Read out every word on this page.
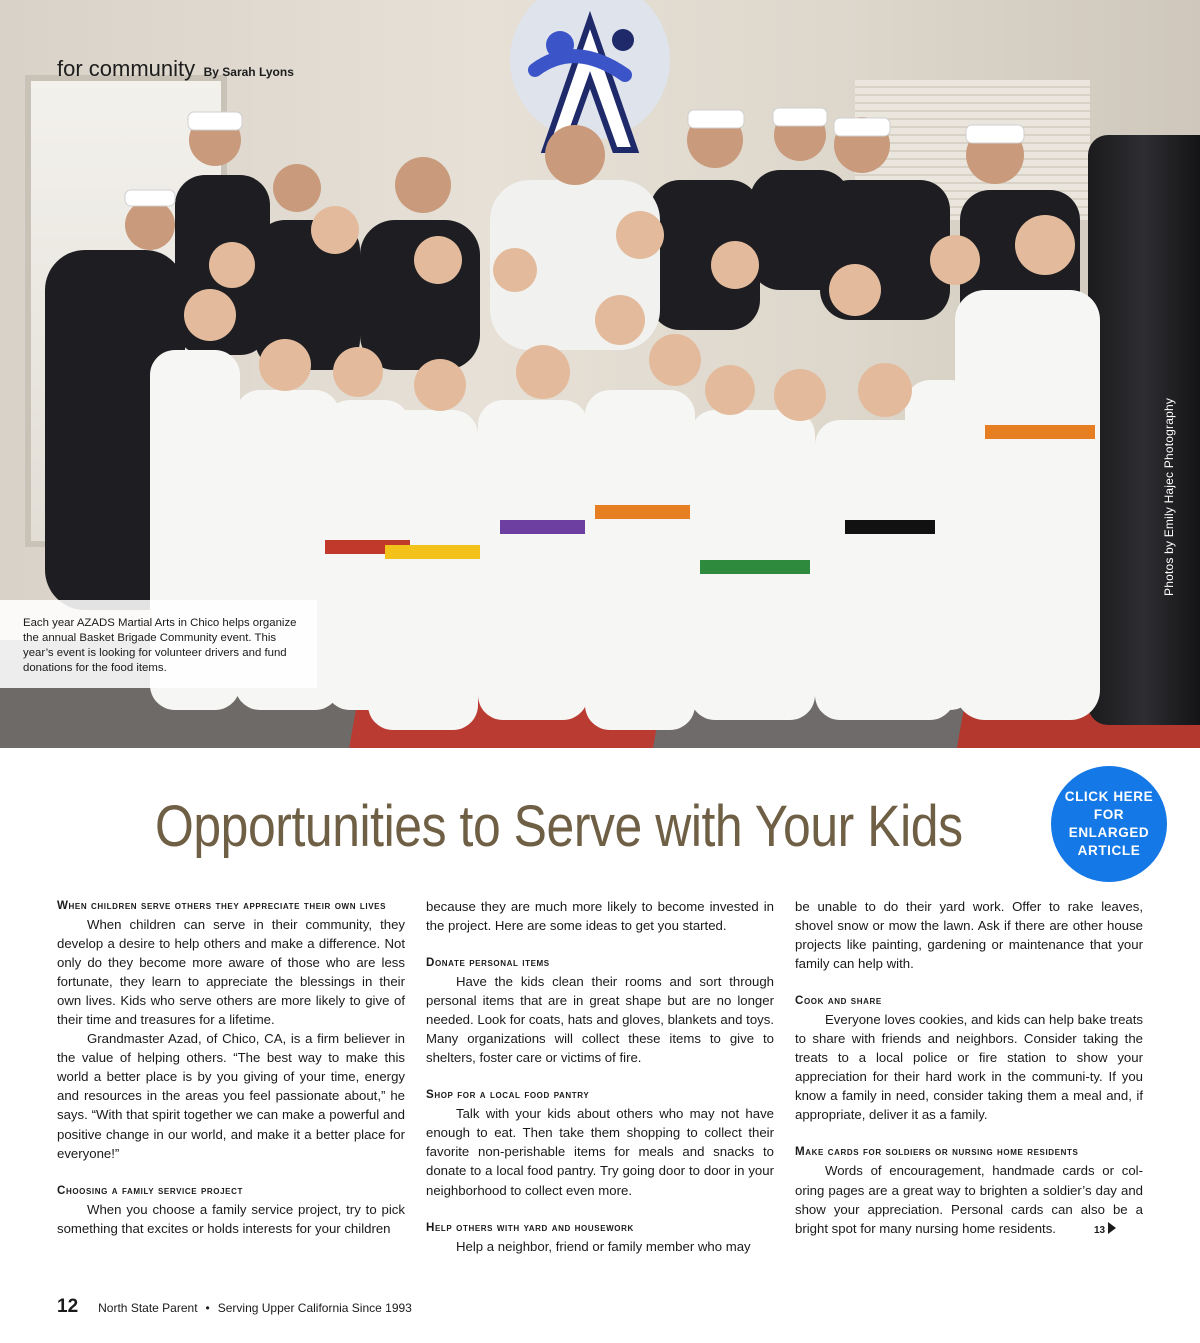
for community By Sarah Lyons
Photos by Emily Hajec Photography
Each year AZADS Martial Arts in Chico helps organize the annual Basket Brigade Community event. This year’s event is looking for volunteer drivers and fund donations for the food items.
Opportunities to Serve with Your Kids	CLICK HERE FOR ENLARGED ARTICLE
When children serve others they appreciate their own lives

When children can serve in their community, they develop a desire to help others and make a difference. Not only do they become more aware of those who are less fortunate, they learn to appreciate the blessings in their own lives. Kids who serve others are more likely to give of their time and treasures for a lifetime.

Grandmaster Azad, of Chico, CA, is a firm believer in the value of helping others. “The best way to make this world a better place is by you giving of your time, energy and resources in the areas you feel passionate about,” he says. “With that spirit together we can make a powerful and positive change in our world, and make it a better place for everyone!”

Choosing a family service project

When you choose a family service project, try to pick something that excites or holds interests for your children

because they are much more likely to become invested in the project. Here are some ideas to get you started.

Donate personal items

Have the kids clean their rooms and sort through personal items that are in great shape but are no longer needed. Look for coats, hats and gloves, blankets and toys. Many organizations will collect these items to give to shelters, foster care or victims of fire.

Shop for a local food pantry

Talk with your kids about others who may not have enough to eat. Then take them shopping to collect their favorite non-perishable items for meals and snacks to donate to a local food pantry. Try going door to door in your neighborhood to collect even more.

Help others with yard and housework

Help a neighbor, friend or family member who may

be unable to do their yard work. Offer to rake leaves, shovel snow or mow the lawn. Ask if there are other house projects like painting, gardening or maintenance that your family can help with.

Cook and share

Everyone loves cookies, and kids can help bake treats to share with friends and neighbors. Consider taking the treats to a local police or fire station to show your appreciation for their hard work in the communi-ty. If you know a family in need, consider taking them a meal and, if appropriate, deliver it as a family.

Make cards for soldiers or nursing home residents

Words of encouragement, handmade cards or col-oring pages are a great way to brighten a soldier’s day and show your appreciation. Personal cards can also be a bright spot for many nursing home residents.	13

12 North State Parent • Serving Upper California Since 1993
